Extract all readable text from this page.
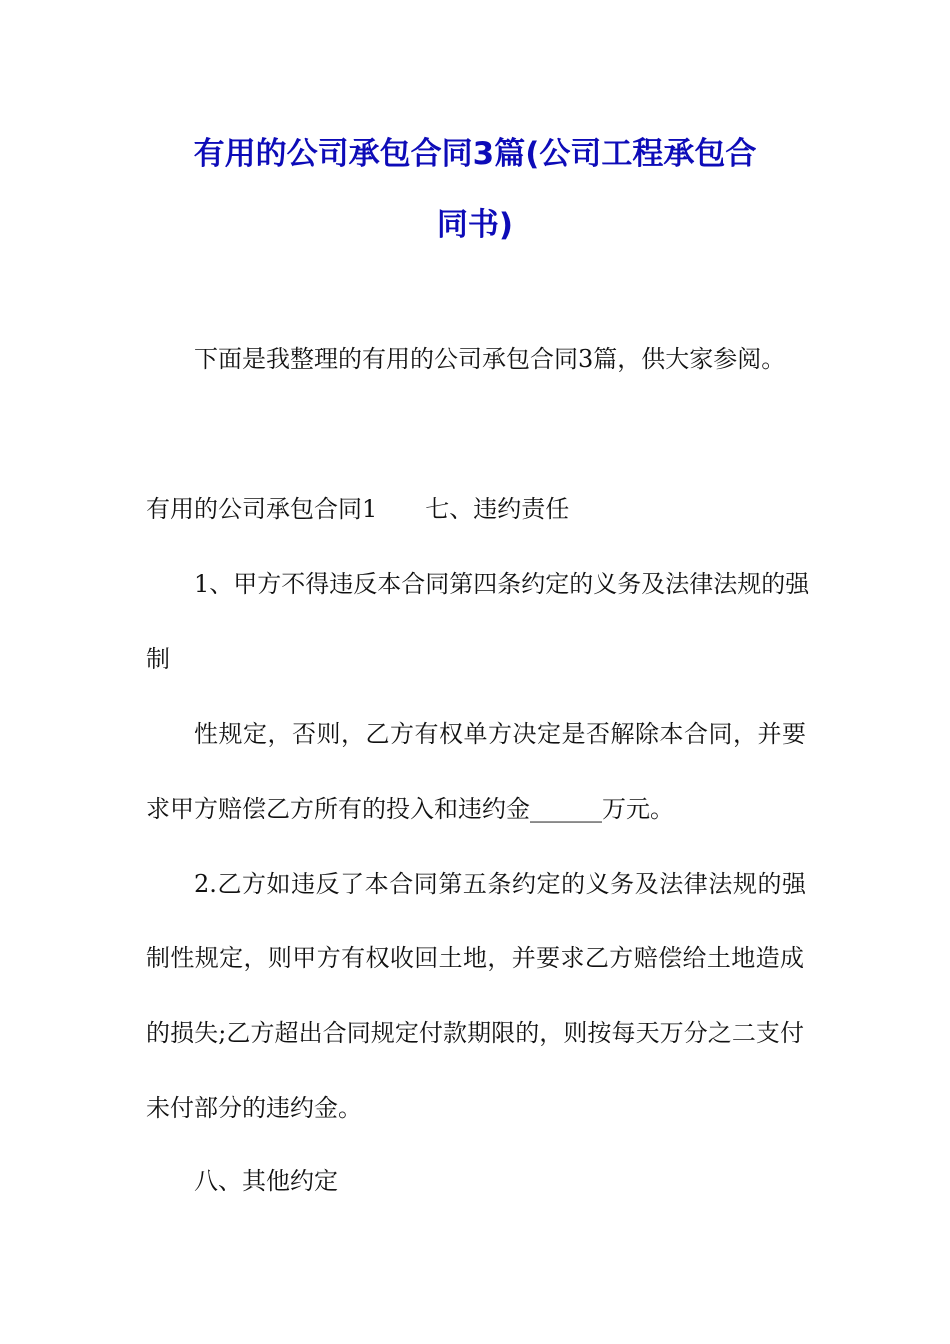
有用的公司承包合同3篇(公司工程承包合
同书)

下面是我整理的有用的公司承包合同3篇，供大家参阅。

有用的公司承包合同1　　七、违约责任

1、甲方不得违反本合同第四条约定的义务及法律法规的强

制

性规定，否则，乙方有权单方决定是否解除本合同，并要

求甲方赔偿乙方所有的投入和违约金______万元。

2.乙方如违反了本合同第五条约定的义务及法律法规的强

制性规定，则甲方有权收回土地，并要求乙方赔偿给土地造成

的损失;乙方超出合同规定付款期限的，则按每天万分之二支付

未付部分的违约金。

八、其他约定
